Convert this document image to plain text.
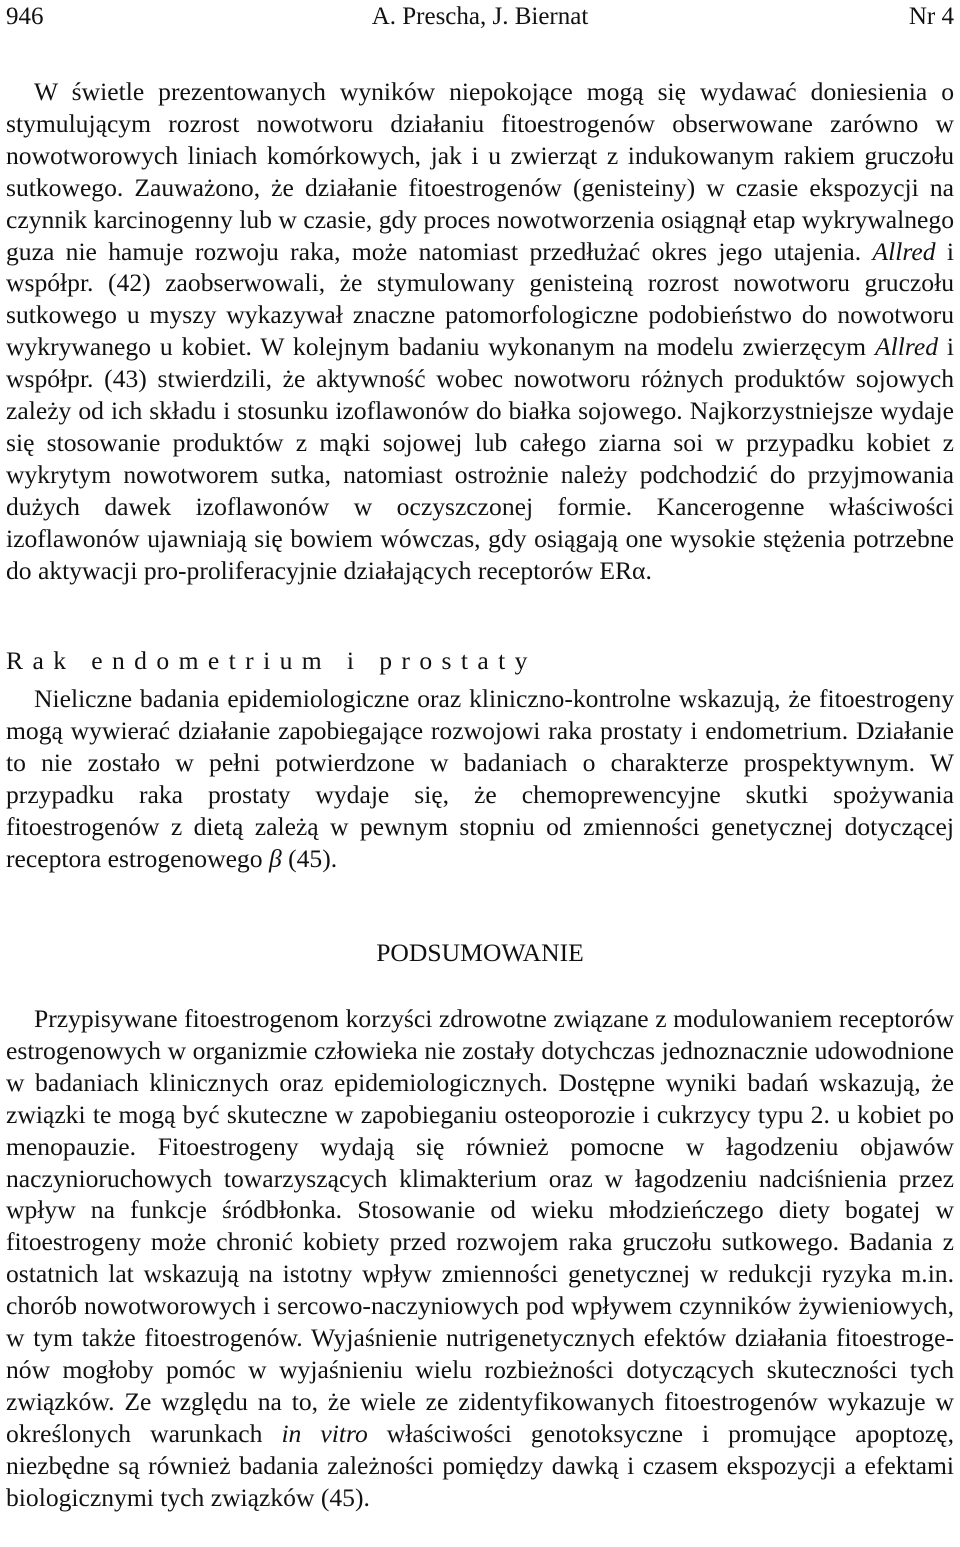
946	A. Prescha, J. Biernat	Nr 4

W świetle prezentowanych wyników niepokojące mogą się wydawać doniesienia o stymulującym rozrost nowotworu działaniu fitoestrogenów obserwowane zarówno w nowotworowych liniach komórkowych, jak i u zwierząt z indukowanym rakiem gruczołu sutkowego. Zauważono, że działanie fitoestrogenów (genisteiny) w czasie ekspozycji na czynnik karcinogenny lub w czasie, gdy proces nowotworzenia osiągnął etap wykrywalnego guza nie hamuje rozwoju raka, może natomiast przedłużać okres jego utajenia. Allred i współpr. (42) zaobserwowali, że stymulowany genisteiną rozrost nowotworu gruczołu sutkowego u myszy wykazywał znaczne patomorfologiczne podobieństwo do nowotworu wykrywanego u kobiet. W kolejnym badaniu wykonanym na modelu zwierzęcym Allred i współpr. (43) stwierdzili, że aktywność wobec nowotworu różnych produktów sojowych zależy od ich składu i stosunku izoflawonów do białka sojowego. Najkorzystniejsze wydaje się stosowanie produktów z mąki sojowej lub całego ziarna soi w przypadku kobiet z wykrytym nowotworem sutka, natomiast ostrożnie należy podchodzić do przyjmowania dużych dawek izoflawonów w oczyszczonej formie. Kancerogenne właściwości izoflawonów ujawniają się bowiem wówczas, gdy osiągają one wysokie stężenia potrzebne do aktywacji pro-proliferacyjnie działających receptorów ERα.

Rak endometrium i prostaty

Nieliczne badania epidemiologiczne oraz kliniczno-kontrolne wskazują, że fitoestrogeny mogą wywierać działanie zapobiegające rozwojowi raka prostaty i endometrium. Działanie to nie zostało w pełni potwierdzone w badaniach o charakterze prospektywnym. W przypadku raka prostaty wydaje się, że chemoprewencyjne skutki spożywania fitoestrogenów z dietą zależą w pewnym stopniu od zmienności genetycznej dotyczącej receptora estrogenowego β (45).

PODSUMOWANIE

Przypisywane fitoestrogenom korzyści zdrowotne związane z modulowaniem receptorów estrogenowych w organizmie człowieka nie zostały dotychczas jednoznacznie udowodnione w badaniach klinicznych oraz epidemiologicznych. Dostępne wyniki badań wskazują, że związki te mogą być skuteczne w zapobieganiu osteoporozie i cukrzycy typu 2. u kobiet po menopauzie. Fitoestrogeny wydają się również pomocne w łagodzeniu objawów naczynioruchowych towarzyszących klimakterium oraz w łagodzeniu nadciśnienia przez wpływ na funkcje śródbłonka. Stosowanie od wieku młodzieńczego diety bogatej w fitoestrogeny może chronić kobiety przed rozwojem raka gruczołu sutkowego. Badania z ostatnich lat wskazują na istotny wpływ zmienności genetycznej w redukcji ryzyka m.in. chorób nowotworowych i sercowo-naczyniowych pod wpływem czynników żywieniowych, w tym także fitoestrogenów. Wyjaśnienie nutrigenetycznych efektów działania fitoestrogenów mogłoby pomóc w wyjaśnieniu wielu rozbieżności dotyczących skuteczności tych związków. Ze względu na to, że wiele ze zidentyfikowanych fitoestrogenów wykazuje w określonych warunkach in vitro właściwości genotoksyczne i promujące apoptozę, niezbędne są również badania zależności pomiędzy dawką i czasem ekspozycji a efektami biologicznymi tych związków (45).
